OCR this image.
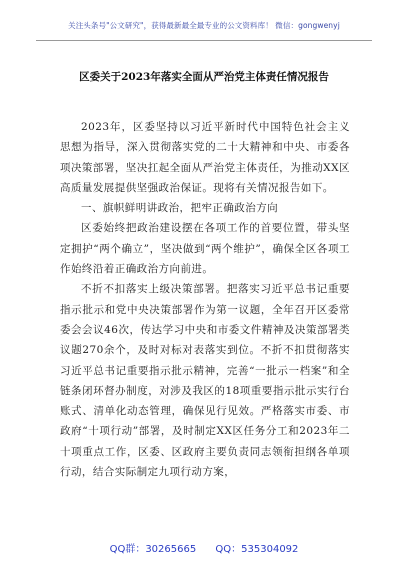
关注头条号"公文研究"，获得最新最全最专业的公文资料库！ 微信：gongwenyj
区委关于2023年落实全面从严治党主体责任情况报告

2023年，区委坚持以习近平新时代中国特色社会主义思想为指导，深入贯彻落实党的二十大精神和中央、市委各项决策部署，坚决扛起全面从严治党主体责任，为推动XX区高质量发展提供坚强政治保证。现将有关情况报告如下。

一、旗帜鲜明讲政治，把牢正确政治方向

区委始终把政治建设摆在各项工作的首要位置，带头坚定拥护“两个确立”，坚决做到“两个维护”，确保全区各项工作始终沿着正确政治方向前进。

不折不扣落实上级决策部署。把落实习近平总书记重要指示批示和党中央决策部署作为第一议题，全年召开区委常委会会议46次，传达学习中央和市委文件精神及决策部署类议题270余个，及时对标对表落实到位。不折不扣贯彻落实习近平总书记重要指示批示精神，完善“一批示一档案”和全链条闭环督办制度，对涉及我区的18项重要指示批示实行台账式、清单化动态管理，确保见行见效。严格落实市委、市政府“十项行动”部署，及时制定XX区任务分工和2023年二十项重点工作，区委、区政府主要负责同志领衔担纲各单项行动，结合实际制定九项行动方案，

QQ群：30265665 QQ：535304092
